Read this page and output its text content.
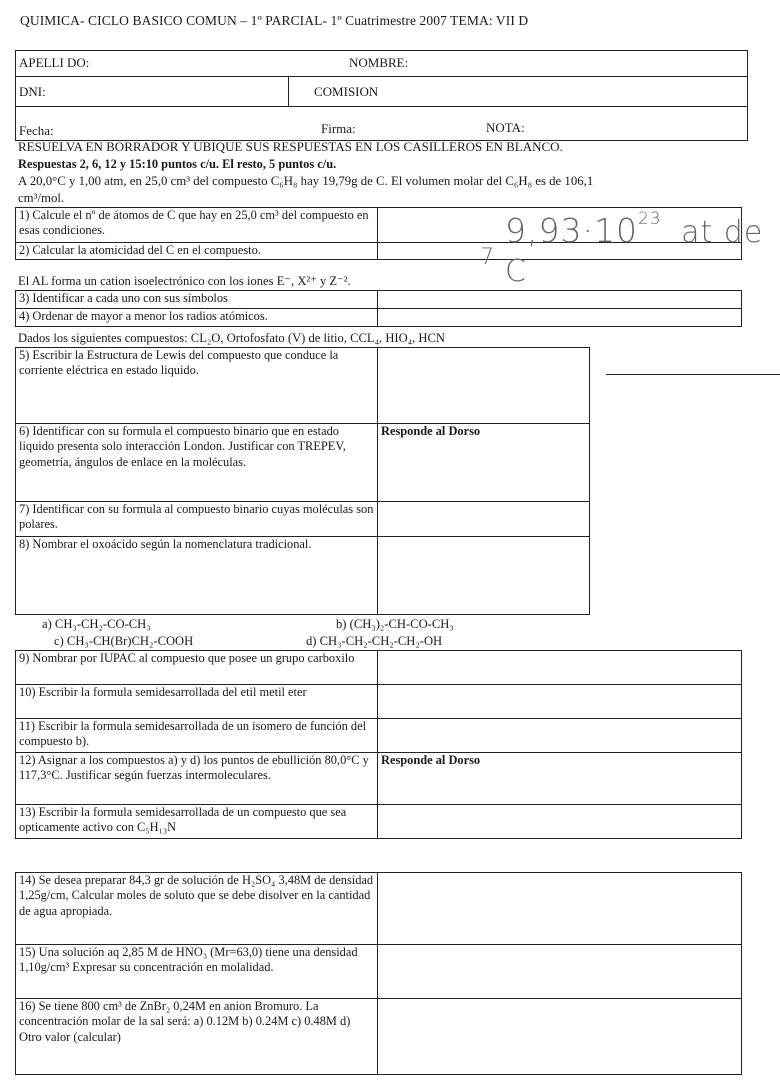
QUIMICA- CICLO BASICO COMUN – 1º PARCIAL- 1º Cuatrimestre 2007 TEMA: VII D
APELLI DO:	NOMBRE:
DNI:	COMISION
Fecha:	Firma:	NOTA:
RESUELVA EN BORRADOR Y UBIQUE SUS RESPUESTAS EN LOS CASILLEROS EN BLANCO.
Respuestas 2, 6, 12 y 15:10 puntos c/u. El resto, 5 puntos c/u.
A 20,0°C y 1,00 atm, en 25,0 cm³ del compuesto C₆H₈ hay 19,79g de C. El volumen molar del C₆H₈ es de 106,1
cm³/mol.
1) Calcule el nº de átomos de C que hay en 25,0 cm³ del compuesto en esas condiciones.	
2) Calcular la atomicidad del C en el compuesto.		$9,93\cdot 10^{23}$ at de C
7
El AL forma un cation isoelectrónico con los iones E⁻, X²⁺ y Z⁻².
3) Identificar a cada uno con sus símbolos	
4) Ordenar de mayor a menor los radios atómicos.	
Dados los siguientes compuestos: CL₂O, Ortofosfato (V) de litio, CCL₄, HIO₄, HCN
5) Escribir la Estructura de Lewis del compuesto que conduce la corriente eléctrica en estado liquido.	
6) Identificar con su formula el compuesto binario que en estado liquido presenta solo interacción London. Justificar con TREPEV, geometría, ángulos de enlace en la moléculas.	Responde al Dorso
7) Identificar con su formula al compuesto binario cuyas moléculas son polares.	
8) Nombrar el oxoácido según la nomenclatura tradicional.	
a) CH₃-CH₂-CO-CH₃	b) (CH₃)₂-CH-CO-CH₃
c) CH₃-CH(Br)CH₂-COOH	d) CH₃-CH₂-CH₂-CH₂-OH
9) Nombrar por IUPAC al compuesto que posee un grupo carboxilo	
10) Escribir la formula semidesarrollada del etil metil eter	
11) Escribir la formula semidesarrollada de un isomero de función del compuesto b).	
12) Asignar a los compuestos a) y d) los puntos de ebullición 80,0°C y 117,3°C. Justificar según fuerzas intermoleculares.	Responde al Dorso
13) Escribir la formula semidesarrollada de un compuesto que sea opticamente activo con C₅H₁₃N	
14) Se desea preparar 84,3 gr de solución de H₂SO₄ 3,48M de densidad 1,25g/cm, Calcular moles de soluto que se debe disolver en la cantidad de agua apropiada.	
15) Una solución aq 2,85 M de HNO₃ (Mr=63,0) tiene una densidad 1,10g/cm³ Expresar su concentración en molalidad.	
16) Se tiene 800 cm³ de ZnBr₂ 0,24M en anion Bromuro. La concentración molar de la sal será: a) 0.12M b) 0.24M c) 0.48M d) Otro valor (calcular)	
